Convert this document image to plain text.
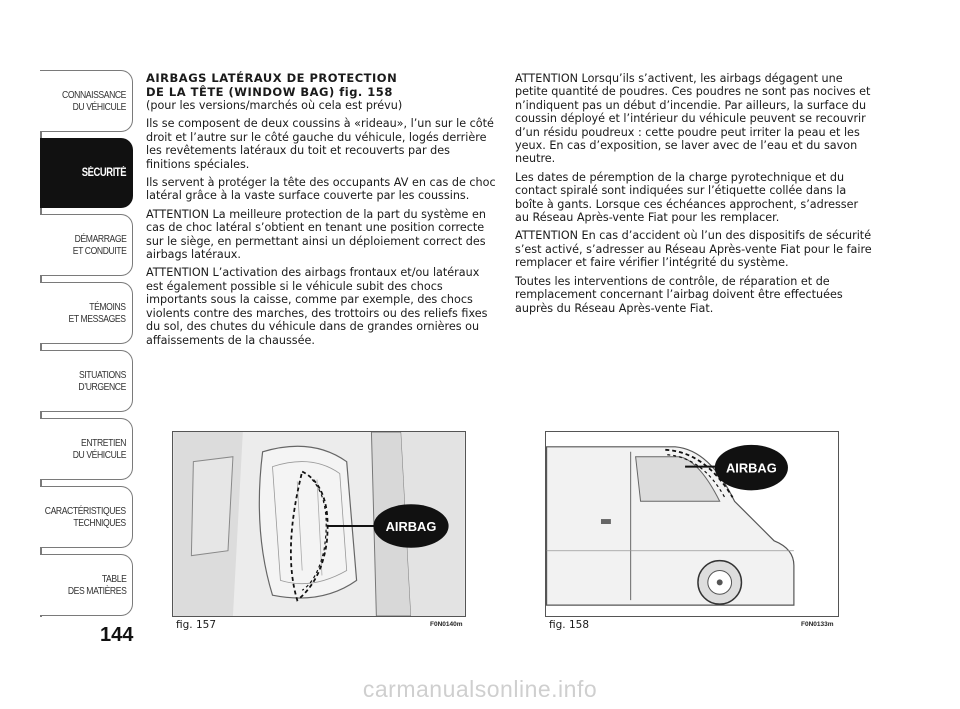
CONNAISSANCE
DU VÉHICULE
SÉCURITÉ
DÉMARRAGE
ET CONDUITE
TÉMOINS
ET MESSAGES
SITUATIONS
D’URGENCE
ENTRETIEN
DU VÉHICULE
CARACTÉRISTIQUES
TECHNIQUES
TABLE
DES MATIÈRES
144
AIRBAGS LATÉRAUX DE PROTECTION
DE LA TÊTE (WINDOW BAG) fig. 158

(pour les versions/marchés où cela est prévu)

Ils se composent de deux coussins à «rideau», l’un sur le côté droit et l’autre sur le côté gauche du véhicule, logés derrière les revêtements latéraux du toit et recouverts par des finitions spéciales.

Ils servent à protéger la tête des occupants AV en cas de choc latéral grâce à la vaste surface couverte par les coussins.

ATTENTION La meilleure protection de la part du système en cas de choc latéral s’obtient en tenant une position correcte sur le siège, en permettant ainsi un déploiement correct des airbags latéraux.

ATTENTION L’activation des airbags frontaux et/ou latéraux est également possible si le véhicule subit des chocs importants sous la caisse, comme par exemple, des chocs violents contre des marches, des trottoirs ou des reliefs fixes du sol, des chutes du véhicule dans de grandes ornières ou affaissements de la chaussée.

ATTENTION Lorsqu’ils s’activent, les airbags dégagent une petite quantité de poudres. Ces poudres ne sont pas nocives et n’indiquent pas un début d’incendie. Par ailleurs, la surface du coussin déployé et l’intérieur du véhicule peuvent se recouvrir d’un résidu poudreux : cette poudre peut irriter la peau et les yeux. En cas d’exposition, se laver avec de l’eau et du savon neutre.

Les dates de péremption de la charge pyrotechnique et du contact spiralé sont indiquées sur l’étiquette collée dans la boîte à gants. Lorsque ces échéances approchent, s’adresser au Réseau Après-vente Fiat pour les remplacer.

ATTENTION En cas d’accident où l’un des dispositifs de sécurité s’est activé, s’adresser au Réseau Après-vente Fiat pour le faire remplacer et faire vérifier l’intégrité du système.

Toutes les interventions de contrôle, de réparation et de remplacement concernant l’airbag doivent être effectuées auprès du Réseau Après-vente Fiat.

AIRBAG
fig. 157	F0N0140m
AIRBAG
fig. 158	F0N0133m
carmanualsonline.info
